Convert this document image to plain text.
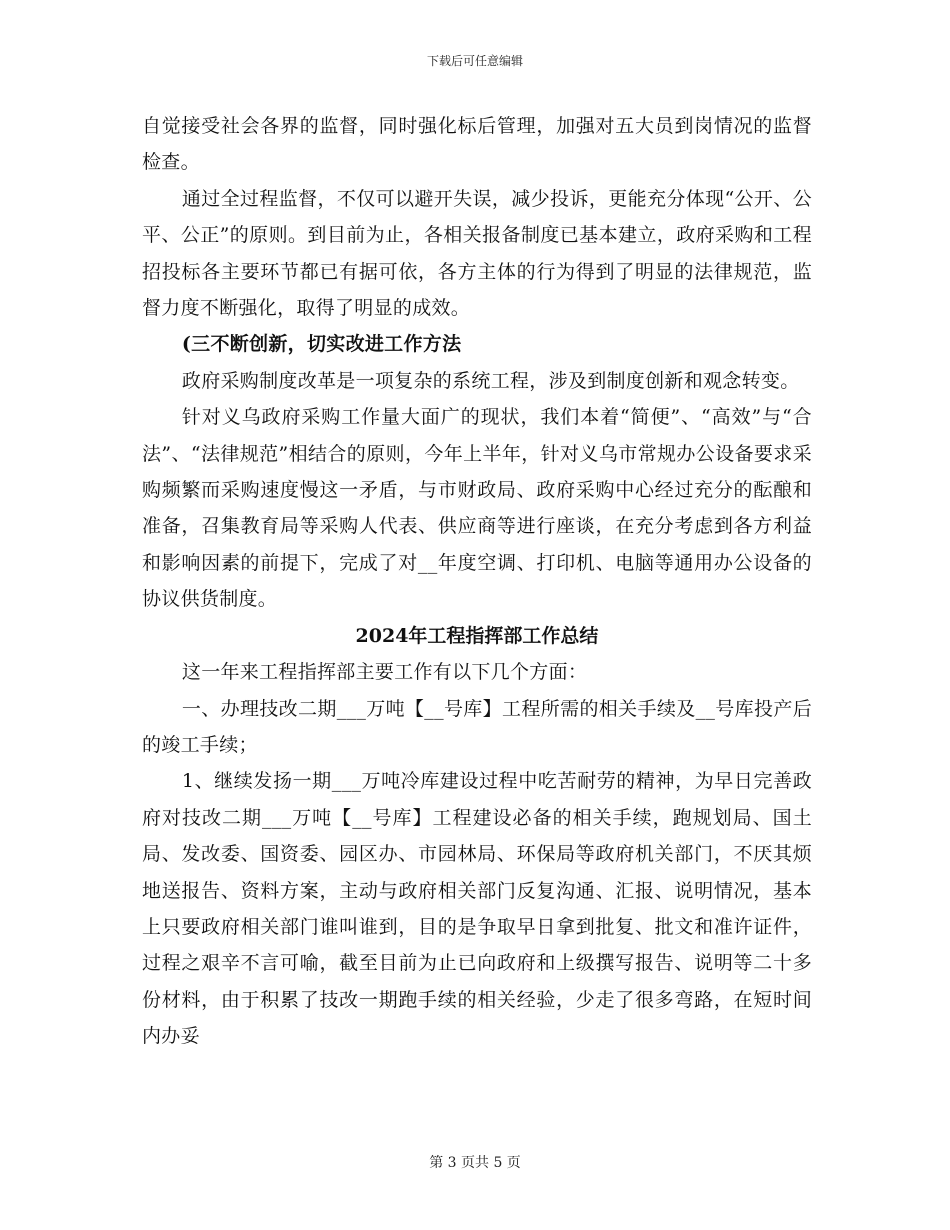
下载后可任意编辑

自觉接受社会各界的监督，同时强化标后管理，加强对五大员到岗情况的监督检查。

通过全过程监督，不仅可以避开失误，减少投诉，更能充分体现“公开、公平、公正”的原则。到目前为止，各相关报备制度已基本建立，政府采购和工程招投标各主要环节都已有据可依，各方主体的行为得到了明显的法律规范，监督力度不断强化，取得了明显的成效。

(三不断创新，切实改进工作方法

政府采购制度改革是一项复杂的系统工程，涉及到制度创新和观念转变。

针对义乌政府采购工作量大面广的现状，我们本着“简便”、“高效”与“合法”、“法律规范”相结合的原则，今年上半年，针对义乌市常规办公设备要求采购频繁而采购速度慢这一矛盾，与市财政局、政府采购中心经过充分的酝酿和准备，召集教育局等采购人代表、供应商等进行座谈，在充分考虑到各方利益和影响因素的前提下，完成了对__年度空调、打印机、电脑等通用办公设备的协议供货制度。

2024年工程指挥部工作总结

这一年来工程指挥部主要工作有以下几个方面：

一、办理技改二期___万吨【__号库】工程所需的相关手续及__号库投产后的竣工手续；

1、继续发扬一期___万吨冷库建设过程中吃苦耐劳的精神，为早日完善政府对技改二期___万吨【__号库】工程建设必备的相关手续，跑规划局、国土局、发改委、国资委、园区办、市园林局、环保局等政府机关部门，不厌其烦地送报告、资料方案，主动与政府相关部门反复沟通、汇报、说明情况，基本上只要政府相关部门谁叫谁到，目的是争取早日拿到批复、批文和准许证件，过程之艰辛不言可喻，截至目前为止已向政府和上级撰写报告、说明等二十多份材料，由于积累了技改一期跑手续的相关经验，少走了很多弯路，在短时间内办妥

第 3 页共 5 页
